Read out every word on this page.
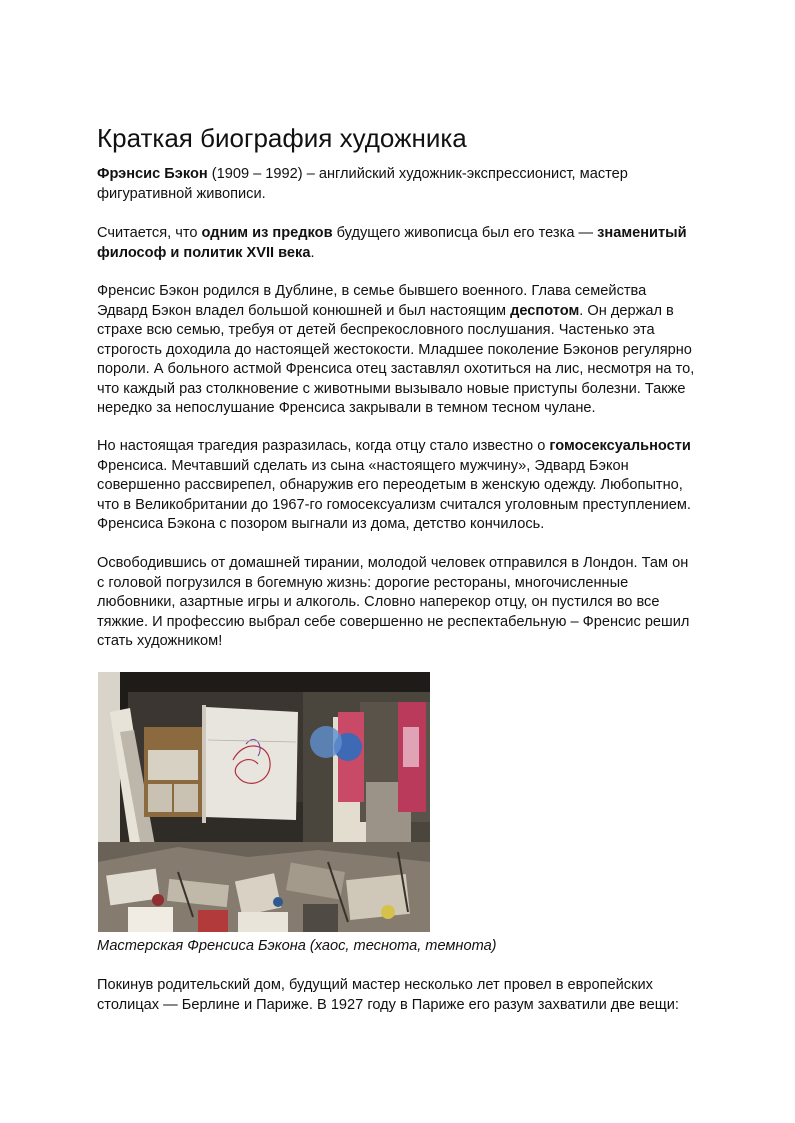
Краткая биография художника

Фрэнсис Бэкон (1909 – 1992) – английский художник-экспрессионист, мастер
фигуративной живописи.

Считается, что одним из предков будущего живописца был его тезка — знаменитый
философ и политик XVII века.

Френсис Бэкон родился в Дублине, в семье бывшего военного. Глава семейства
Эдвард Бэкон владел большой конюшней и был настоящим деспотом. Он держал в
страхе всю семью, требуя от детей беспрекословного послушания. Частенько эта
строгость доходила до настоящей жестокости. Младшее поколение Бэконов регулярно
пороли. А больного астмой Френсиса отец заставлял охотиться на лис, несмотря на то,
что каждый раз столкновение с животными вызывало новые приступы болезни. Также
нередко за непослушание Френсиса закрывали в темном тесном чулане.

Но настоящая трагедия разразилась, когда отцу стало известно о гомосексуальности
Френсиса. Мечтавший сделать из сына «настоящего мужчину», Эдвард Бэкон
совершенно рассвирепел, обнаружив его переодетым в женскую одежду. Любопытно,
что в Великобритании до 1967-го гомосексуализм считался уголовным преступлением.
Френсиса Бэкона с позором выгнали из дома, детство кончилось.

Освободившись от домашней тирании, молодой человек отправился в Лондон. Там он
с головой погрузился в богемную жизнь: дорогие рестораны, многочисленные
любовники, азартные игры и алкоголь. Словно наперекор отцу, он пустился во все
тяжкие. И профессию выбрал себе совершенно не респектабельную – Френсис решил
стать художником!

Мастерская Френсиса Бэкона (хаос, теснота, темнота)

Покинув родительский дом, будущий мастер несколько лет провел в европейских
столицах — Берлине и Париже. В 1927 году в Париже его разум захватили две вещи:
